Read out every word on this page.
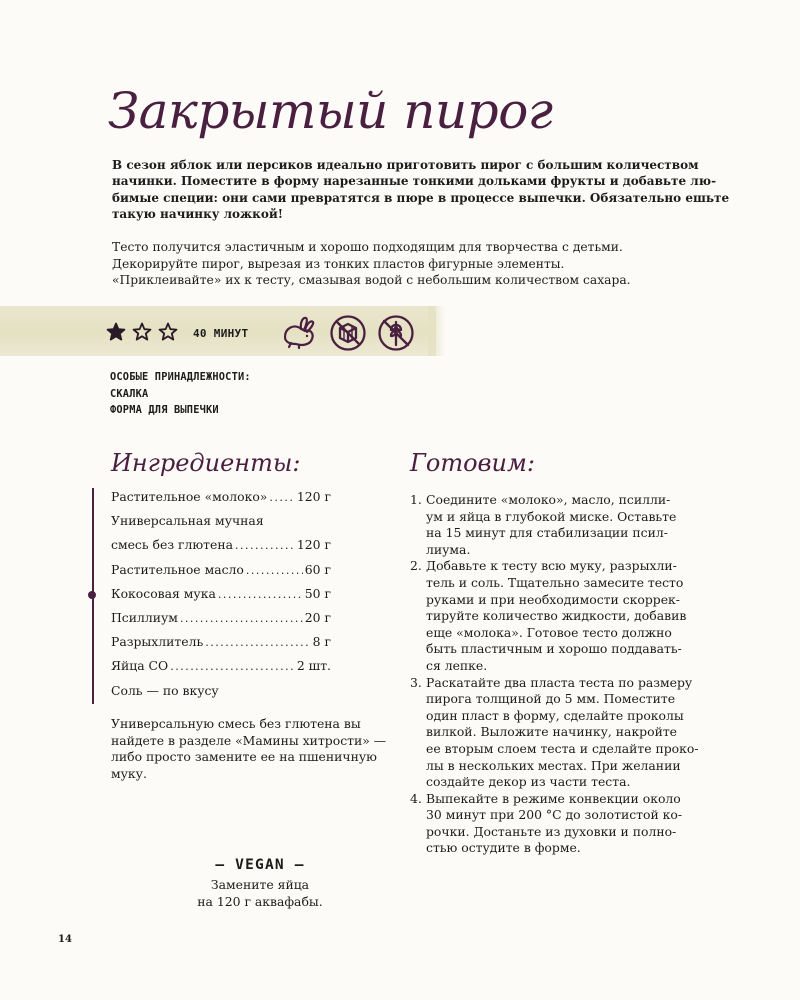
Закрытый пирог
В сезон яблок или персиков идеально приготовить пирог с большим количеством
начинки. Поместите в форму нарезанные тонкими дольками фрукты и добавьте лю-
бимые специи: они сами превратятся в пюре в процессе выпечки. Обязательно ешьте
такую начинку ложкой!
Тесто получится эластичным и хорошо подходящим для творчества с детьми.
Декорируйте пирог, вырезая из тонких пластов фигурные элементы.
«Приклеивайте» их к тесту, смазывая водой с небольшим количеством сахара.
40 МИНУТ
ОСОБЫЕ ПРИНАДЛЕЖНОСТИ:
СКАЛКА
ФОРМА ДЛЯ ВЫПЕЧКИ
Ингредиенты:
Растительное «молоко» ..... 120 г
Универсальная мучная
смесь без глютена .....	120 г
Растительное масло .....	60 г
Кокосовая мука .....	50 г
Псиллиум .....	20 г
Разрыхлитель .....	8 г
Яйца СО .....	2 шт.
Соль — по вкусу
Универсальную смесь без глютена вы
найдете в разделе «Мамины хитрости» —
либо просто замените ее на пшеничную
муку.
– VEGAN –
Замените яйца
на 120 г аквафабы.
Готовим:
1. Соедините «молоко», масло, псилли-
ум и яйца в глубокой миске. Оставьте
на 15 минут для стабилизации псил-
лиума.
2. Добавьте к тесту всю муку, разрыхли-
тель и соль. Тщательно замесите тесто
руками и при необходимости скоррек-
тируйте количество жидкости, добавив
еще «молока». Готовое тесто должно
быть пластичным и хорошо поддавать-
ся лепке.
3. Раскатайте два пласта теста по размеру
пирога толщиной до 5 мм. Поместите
один пласт в форму, сделайте проколы
вилкой. Выложите начинку, накройте
ее вторым слоем теста и сделайте проко-
лы в нескольких местах. При желании
создайте декор из части теста.
4. Выпекайте в режиме конвекции около
30 минут при 200 °С до золотистой ко-
рочки. Достаньте из духовки и полно-
стью остудите в форме.
14
